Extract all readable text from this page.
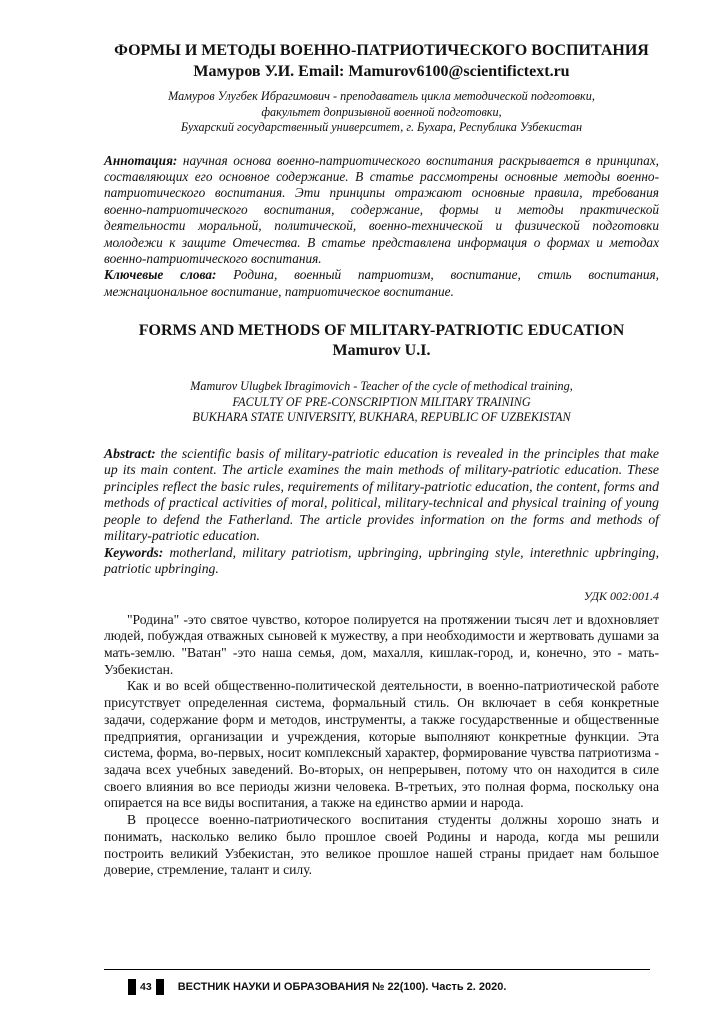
ФОРМЫ И МЕТОДЫ ВОЕННО-ПАТРИОТИЧЕСКОГО ВОСПИТАНИЯ
Мамуров У.И. Email: Mamurov6100@scientifictext.ru
Мамуров Улугбек Ибрагимович - преподаватель цикла методической подготовки,
факультет допризывной военной подготовки,
Бухарский государственный университет, г. Бухара, Республика Узбекистан
Аннотация: научная основа военно-патриотического воспитания раскрывается в принципах, составляющих его основное содержание. В статье рассмотрены основные методы военно-патриотического воспитания. Эти принципы отражают основные правила, требования военно-патриотического воспитания, содержание, формы и методы практической деятельности моральной, политической, военно-технической и физической подготовки молодежи к защите Отечества. В статье представлена информация о формах и методах военно-патриотического воспитания.
Ключевые слова: Родина, военный патриотизм, воспитание, стиль воспитания, межнациональное воспитание, патриотическое воспитание.
FORMS AND METHODS OF MILITARY-PATRIOTIC EDUCATION
Mamurov U.I.
Mamurov Ulugbek Ibragimovich - Teacher of the cycle of methodical training,
FACULTY OF PRE-CONSCRIPTION MILITARY TRAINING
BUKHARA STATE UNIVERSITY, BUKHARA, REPUBLIC OF UZBEKISTAN
Abstract: the scientific basis of military-patriotic education is revealed in the principles that make up its main content. The article examines the main methods of military-patriotic education. These principles reflect the basic rules, requirements of military-patriotic education, the content, forms and methods of practical activities of moral, political, military-technical and physical training of young people to defend the Fatherland. The article provides information on the forms and methods of military-patriotic education.
Keywords: motherland, military patriotism, upbringing, upbringing style, interethnic upbringing, patriotic upbringing.
УДК 002:001.4

"Родина" -это святое чувство, которое полируется на протяжении тысяч лет и вдохновляет людей, побуждая отважных сыновей к мужеству, а при необходимости и жертвовать душами за мать-землю. "Ватан" -это наша семья, дом, махалля, кишлак-город, и, конечно, это - мать-Узбекистан.

Как и во всей общественно-политической деятельности, в военно-патриотической работе присутствует определенная система, формальный стиль. Он включает в себя конкретные задачи, содержание форм и методов, инструменты, а также государственные и общественные предприятия, организации и учреждения, которые выполняют конкретные функции. Эта система, форма, во-первых, носит комплексный характер, формирование чувства патриотизма - задача всех учебных заведений. Во-вторых, он непрерывен, потому что он находится в силе своего влияния во все периоды жизни человека. В-третьих, это полная форма, поскольку она опирается на все виды воспитания, а также на единство армии и народа.

В процессе военно-патриотического воспитания студенты должны хорошо знать и понимать, насколько велико было прошлое своей Родины и народа, когда мы решили построить великий Узбекистан, это великое прошлое нашей страны придает нам большое доверие, стремление, талант и силу.

43	ВЕСТНИК НАУКИ И ОБРАЗОВАНИЯ № 22(100). Часть 2. 2020.
